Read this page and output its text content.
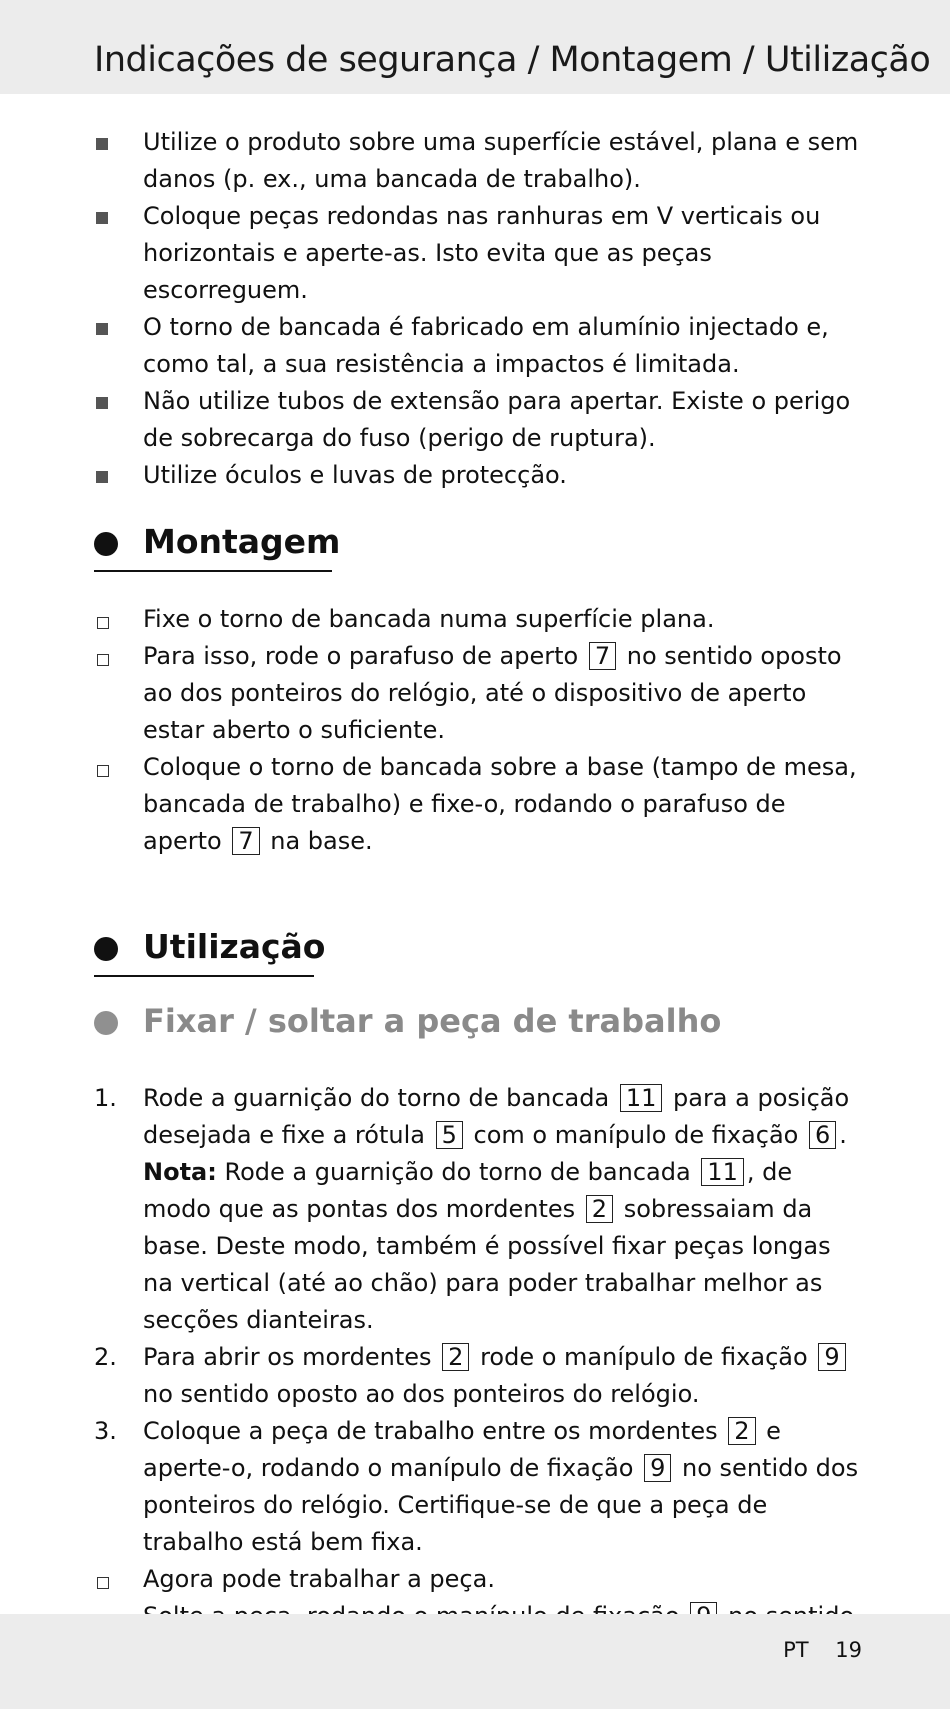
Indicações de segurança / Montagem / Utilização
Utilize o produto sobre uma superfície estável, plana e sem danos (p. ex., uma bancada de trabalho).
Coloque peças redondas nas ranhuras em V verticais ou horizontais e aperte-as. Isto evita que as peças escorreguem.
O torno de bancada é fabricado em alumínio injectado e, como tal, a sua resistência a impactos é limitada.
Não utilize tubos de extensão para apertar. Existe o perigo de sobrecarga do fuso (perigo de ruptura).
Utilize óculos e luvas de protecção.
Montagem
Fixe o torno de bancada numa superfície plana.
Para isso, rode o parafuso de aperto 7 no sentido oposto ao dos ponteiros do relógio, até o dispositivo de aperto estar aberto o suficiente.
Coloque o torno de bancada sobre a base (tampo de mesa, bancada de trabalho) e fixe-o, rodando o parafuso de aperto 7 na base.
Utilização
Fixar / soltar a peça de trabalho
1. Rode a guarnição do torno de bancada 11 para a posição desejada e fixe a rótula 5 com o manípulo de fixação 6 .
Nota: Rode a guarnição do torno de bancada 11 , de modo que as pontas dos mordentes 2 sobressaiam da base. Deste modo, também é possível fixar peças longas na vertical (até ao chão) para poder trabalhar melhor as secções dianteiras.
2. Para abrir os mordentes 2 rode o manípulo de fixação 9 no sentido oposto ao dos ponteiros do relógio.
3. Coloque a peça de trabalho entre os mordentes 2 e aperte-o, rodando o manípulo de fixação 9 no sentido dos ponteiros do relógio. Certifique-se de que a peça de trabalho está bem fixa.
Agora pode trabalhar a peça.
PT 19
